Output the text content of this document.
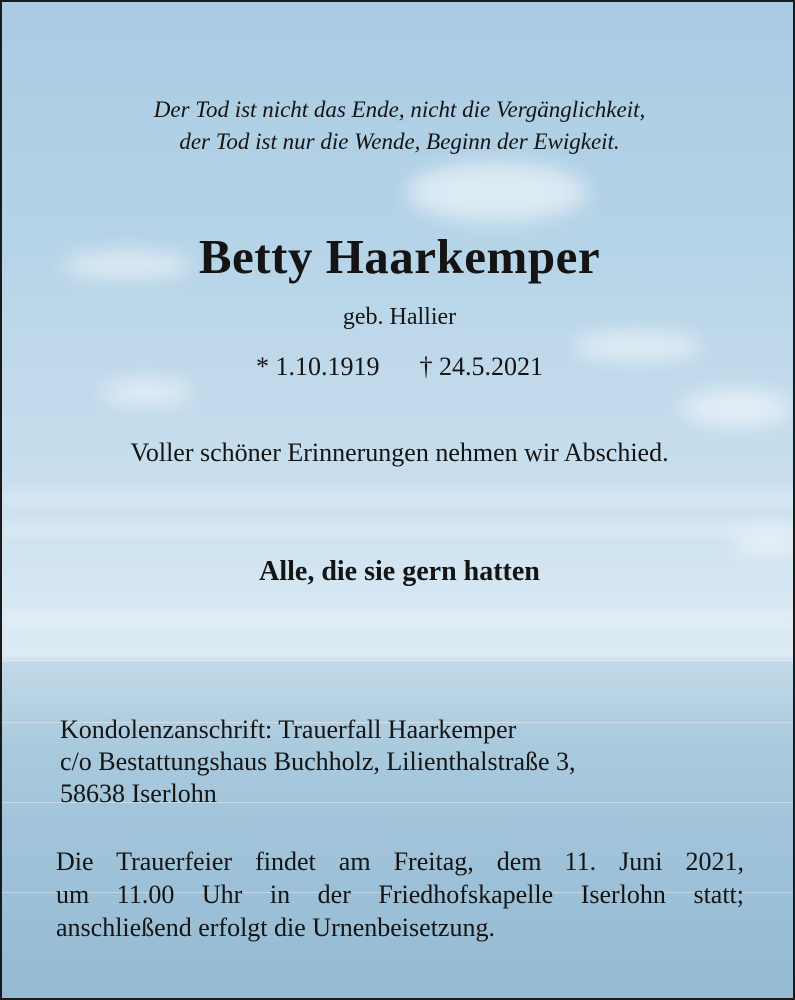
Der Tod ist nicht das Ende, nicht die Vergänglichkeit,
der Tod ist nur die Wende, Beginn der Ewigkeit.
Betty Haarkemper
geb. Hallier
* 1.10.1919 † 24.5.2021
Voller schöner Erinnerungen nehmen wir Abschied.
Alle, die sie gern hatten
Kondolenzanschrift: Trauerfall Haarkemper
c/o Bestattungshaus Buchholz, Lilienthalstraße 3,
58638 Iserlohn
Die Trauerfeier findet am Freitag, dem 11. Juni 2021,
um 11.00 Uhr in der Friedhofskapelle Iserlohn statt;
anschließend erfolgt die Urnenbeisetzung.
